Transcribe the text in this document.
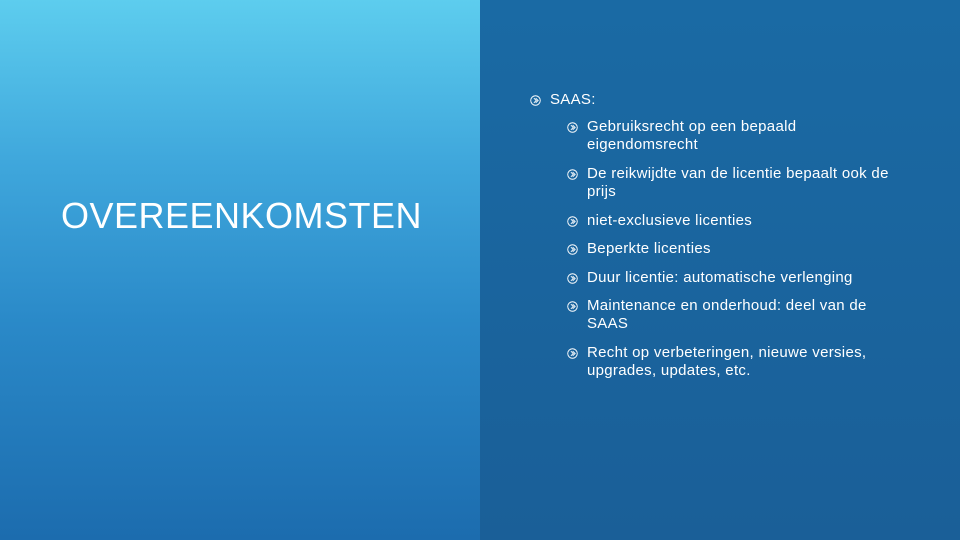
OVEREENKOMSTEN
SAAS:
Gebruiksrecht op een bepaald eigendomsrecht
De reikwijdte van de licentie bepaalt ook de prijs
niet-exclusieve licenties
Beperkte licenties
Duur licentie: automatische verlenging
Maintenance en onderhoud: deel van de SAAS
Recht op verbeteringen, nieuwe versies, upgrades, updates, etc.
